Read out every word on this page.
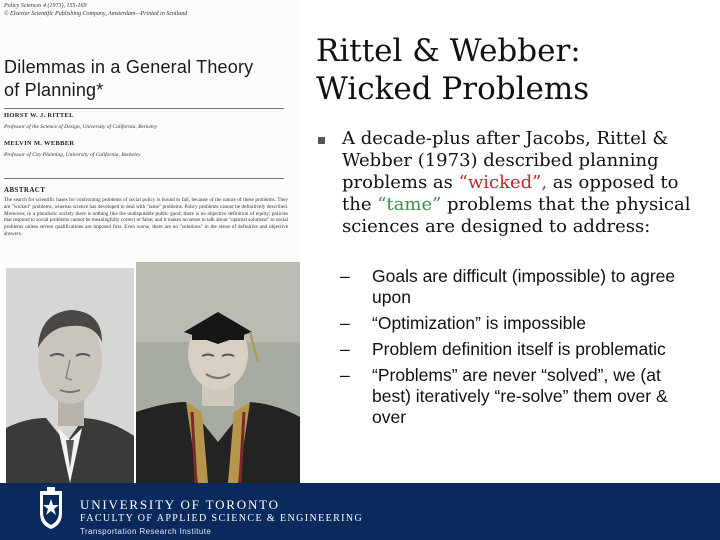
Policy Sciences 4 (1973), 155-169
© Elsevier Scientific Publishing Company, Amsterdam—Printed in Scotland
Dilemmas in a General Theory
of Planning*
HORST W. J. RITTEL
Professor of the Science of Design, University of California, Berkeley
MELVIN M. WEBBER
Professor of City Planning, University of California, Berkeley
ABSTRACT
The search for scientific bases for confronting problems of social policy is bound to fail, because of the nature of these problems. They are "wicked" problems, whereas science has developed to deal with "tame" problems. Policy problems cannot be definitively described. Moreover, in a pluralistic society there is nothing like the undisputable public good; there is no objective definition of equity; policies that respond to social problems cannot be meaningfully correct or false; and it makes no sense to talk about "optimal solutions" to social problems unless severe qualifications are imposed first. Even worse, there are no "solutions" in the sense of definitive and objective answers.
Rittel & Webber:
Wicked Problems
A decade-plus after Jacobs, Rittel & Webber (1973) described planning problems as “wicked”, as opposed to the “tame” problems that the physical sciences are designed to address:
– Goals are difficult (impossible) to agree upon
– “Optimization” is impossible
– Problem definition itself is problematic
– “Problems” are never “solved”, we (at best) iteratively “re-solve” them over & over
UNIVERSITY OF TORONTO
FACULTY OF APPLIED SCIENCE & ENGINEERING
Transportation Research Institute
